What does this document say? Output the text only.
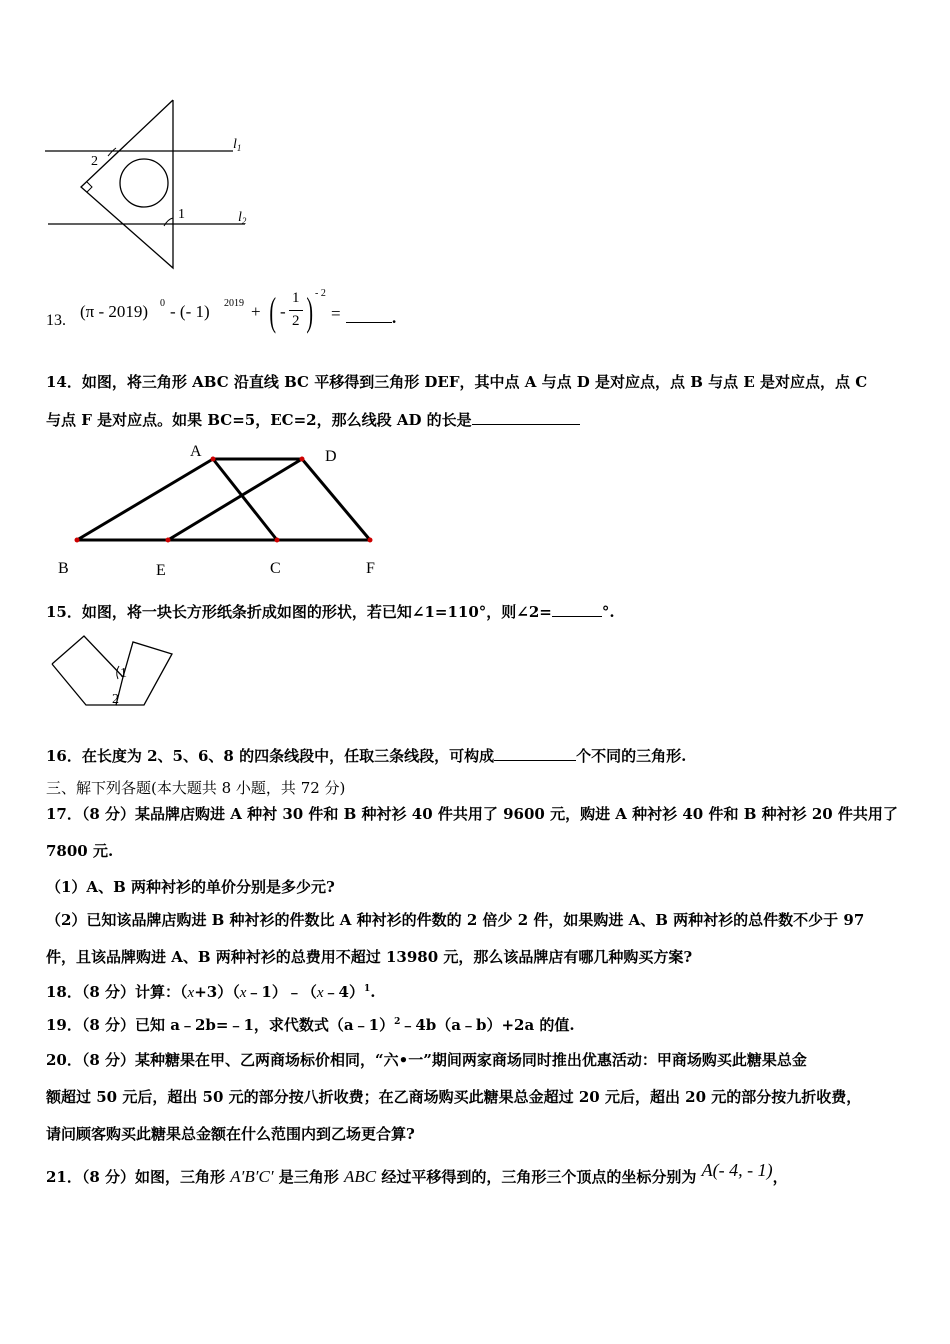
1
2
$l_1$
$l_2$
13. (π - 2019) 0 - (- 1) 2019 + ( -
1
2 ) - 2
=	.
14．如图，将三角形 ABC 沿直线 BC 平移得到三角形 DEF，其中点 A 与点 D 是对应点，点 B 与点 E 是对应点，点 C
与点 F 是对应点。如果 BC=5，EC=2，那么线段 AD 的长是
A	D
B	E	C	F
15．如图，将一块长方形纸条折成如图的形状，若已知∠1=110°，则∠2=	°.
1
2
16．在长度为 2、5、6、8 的四条线段中，任取三条线段，可构成	个不同的三角形.
三、解下列各题(本大题共 8 小题，共 72 分)
17．（8 分）某品牌店购进 A 种衬 30 件和 B 种衬衫 40 件共用了 9600 元，购进 A 种衬衫 40 件和 B 种衬衫 20 件共用了
7800 元.
（1）A、B 两种衬衫的单价分别是多少元?
（2）已知该品牌店购进 B 种衬衫的件数比 A 种衬衫的件数的 2 倍少 2 件，如果购进 A、B 两种衬衫的总件数不少于 97
件，且该品牌购进 A、B 两种衬衫的总费用不超过 13980 元，那么该品牌店有哪几种购买方案?
18．（8 分）计算：（x+3）（x﹣1）﹣（x﹣4）$^1$.
19．（8 分）已知 a﹣2b=﹣1，求代数式（a﹣1）$^2$﹣4b（a﹣b）+2a 的值.
20．（8 分）某种糖果在甲、乙两商场标价相同，“六•一”期间两家商场同时推出优惠活动：甲商场购买此糖果总金
额超过 50 元后，超出 50 元的部分按八折收费；在乙商场购买此糖果总金超过 20 元后，超出 20 元的部分按九折收费，
请问顾客购买此糖果总金额在什么范围内到乙场更合算?
21．（8 分）如图，三角形 A′B′C′ 是三角形 ABC 经过平移得到的，三角形三个顶点的坐标分别为 A(- 4, - 1)，
